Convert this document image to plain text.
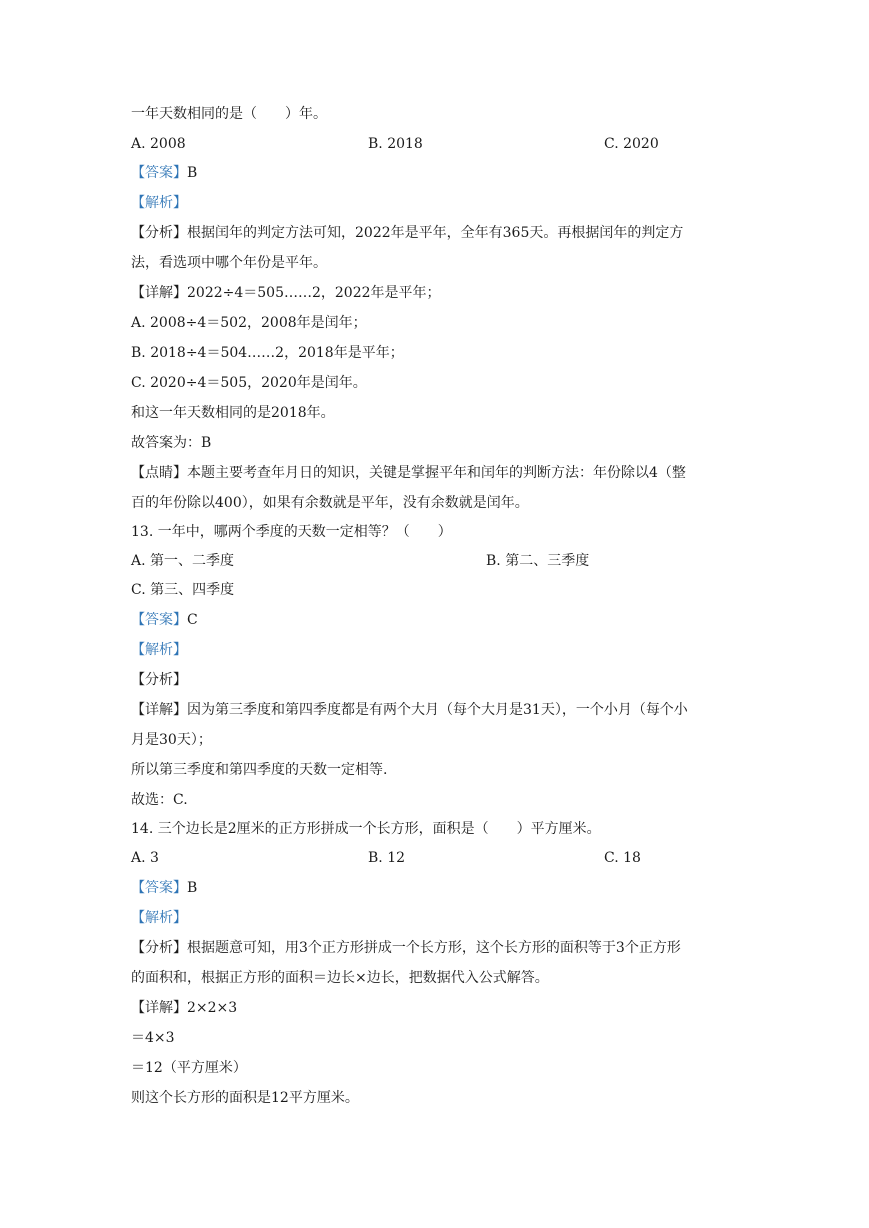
一年天数相同的是（　　）年。
A. 2008	B. 2018	C. 2020
【答案】B
【解析】
【分析】根据闰年的判定方法可知，2022年是平年，全年有365天。再根据闰年的判定方
法，看选项中哪个年份是平年。
【详解】2022÷4＝505……2，2022年是平年；
A. 2008÷4＝502，2008年是闰年；
B. 2018÷4＝504……2，2018年是平年；
C. 2020÷4＝505，2020年是闰年。
和这一年天数相同的是2018年。
故答案为：B
【点睛】本题主要考查年月日的知识，关键是掌握平年和闰年的判断方法：年份除以4（整
百的年份除以400），如果有余数就是平年，没有余数就是闰年。
13. 一年中，哪两个季度的天数一定相等？（　　）
A. 第一、二季度	B. 第二、三季度
C. 第三、四季度
【答案】C
【解析】
【分析】
【详解】因为第三季度和第四季度都是有两个大月（每个大月是31天），一个小月（每个小
月是30天）；
所以第三季度和第四季度的天数一定相等.
故选：C.
14. 三个边长是2厘米的正方形拼成一个长方形，面积是（　　）平方厘米。
A. 3	B. 12	C. 18
【答案】B
【解析】
【分析】根据题意可知，用3个正方形拼成一个长方形，这个长方形的面积等于3个正方形
的面积和，根据正方形的面积＝边长×边长，把数据代入公式解答。
【详解】2×2×3
＝4×3
＝12（平方厘米）
则这个长方形的面积是12平方厘米。
